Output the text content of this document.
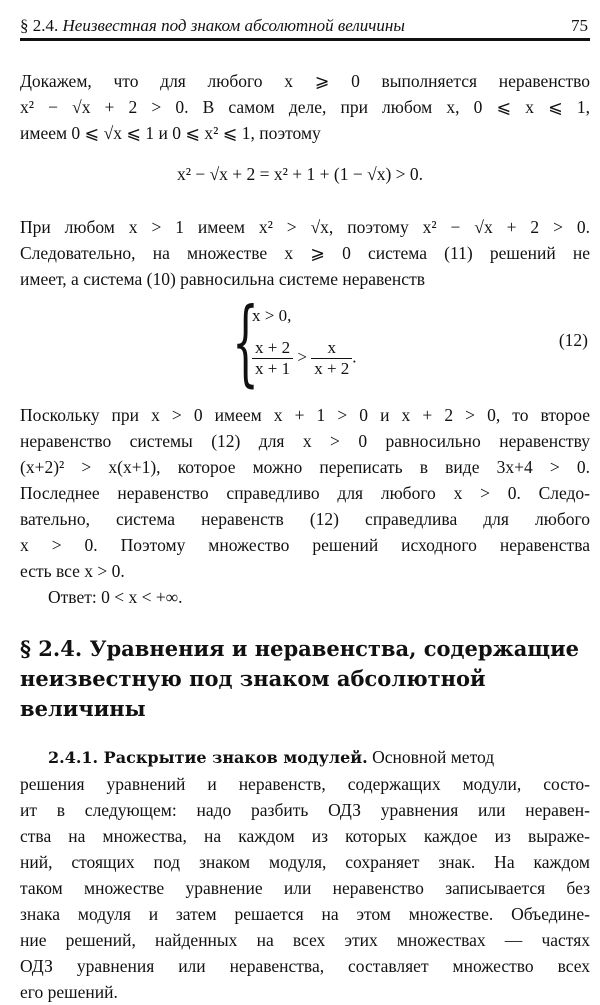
§ 2.4. Неизвестная под знаком абсолютной величины	75
Докажем, что для любого x ⩾ 0 выполняется неравенство
x² − √x + 2 > 0. В самом деле, при любом x, 0 ⩽ x ⩽ 1,
имеем 0 ⩽ √x ⩽ 1 и 0 ⩽ x² ⩽ 1, поэтому
x² − √x + 2 = x² + 1 + (1 − √x) > 0.
При любом x > 1 имеем x² > √x, поэтому x² − √x + 2 > 0.
Следовательно, на множестве x ⩾ 0 система (11) решений не
имеет, а система (10) равносильна системе неравенств
{
x > 0,
$\frac{x + 2}{x + 1} > \frac{x}{x + 2}$ .
(12)
Поскольку при x > 0 имеем x + 1 > 0 и x + 2 > 0, то второе
неравенство системы (12) для x > 0 равносильно неравенству
(x+2)² > x(x+1), которое можно переписать в виде 3x+4 > 0.
Последнее неравенство справедливо для любого x > 0. Следо-
вательно, система неравенств (12) справедлива для любого
x > 0. Поэтому множество решений исходного неравенства
есть все x > 0.
Ответ: 0 < x < +∞.
§ 2.4. Уравнения и неравенства, содержащие
неизвестную под знаком абсолютной
величины
2.4.1. Раскрытие знаков модулей. Основной метод
решения уравнений и неравенств, содержащих модули, состо-
ит в следующем: надо разбить ОДЗ уравнения или нерaвен-
ства на множества, на каждом из которых каждое из выраже-
ний, стоящих под знаком модуля, сохраняет знак. На каждом
таком множестве уравнение или неравенство записывается без
знака модуля и затем решается на этом множестве. Объедине-
ние решений, найденных на всех этих множествах — частях
ОДЗ уравнения или неравенства, составляет множество всех
его решений.
